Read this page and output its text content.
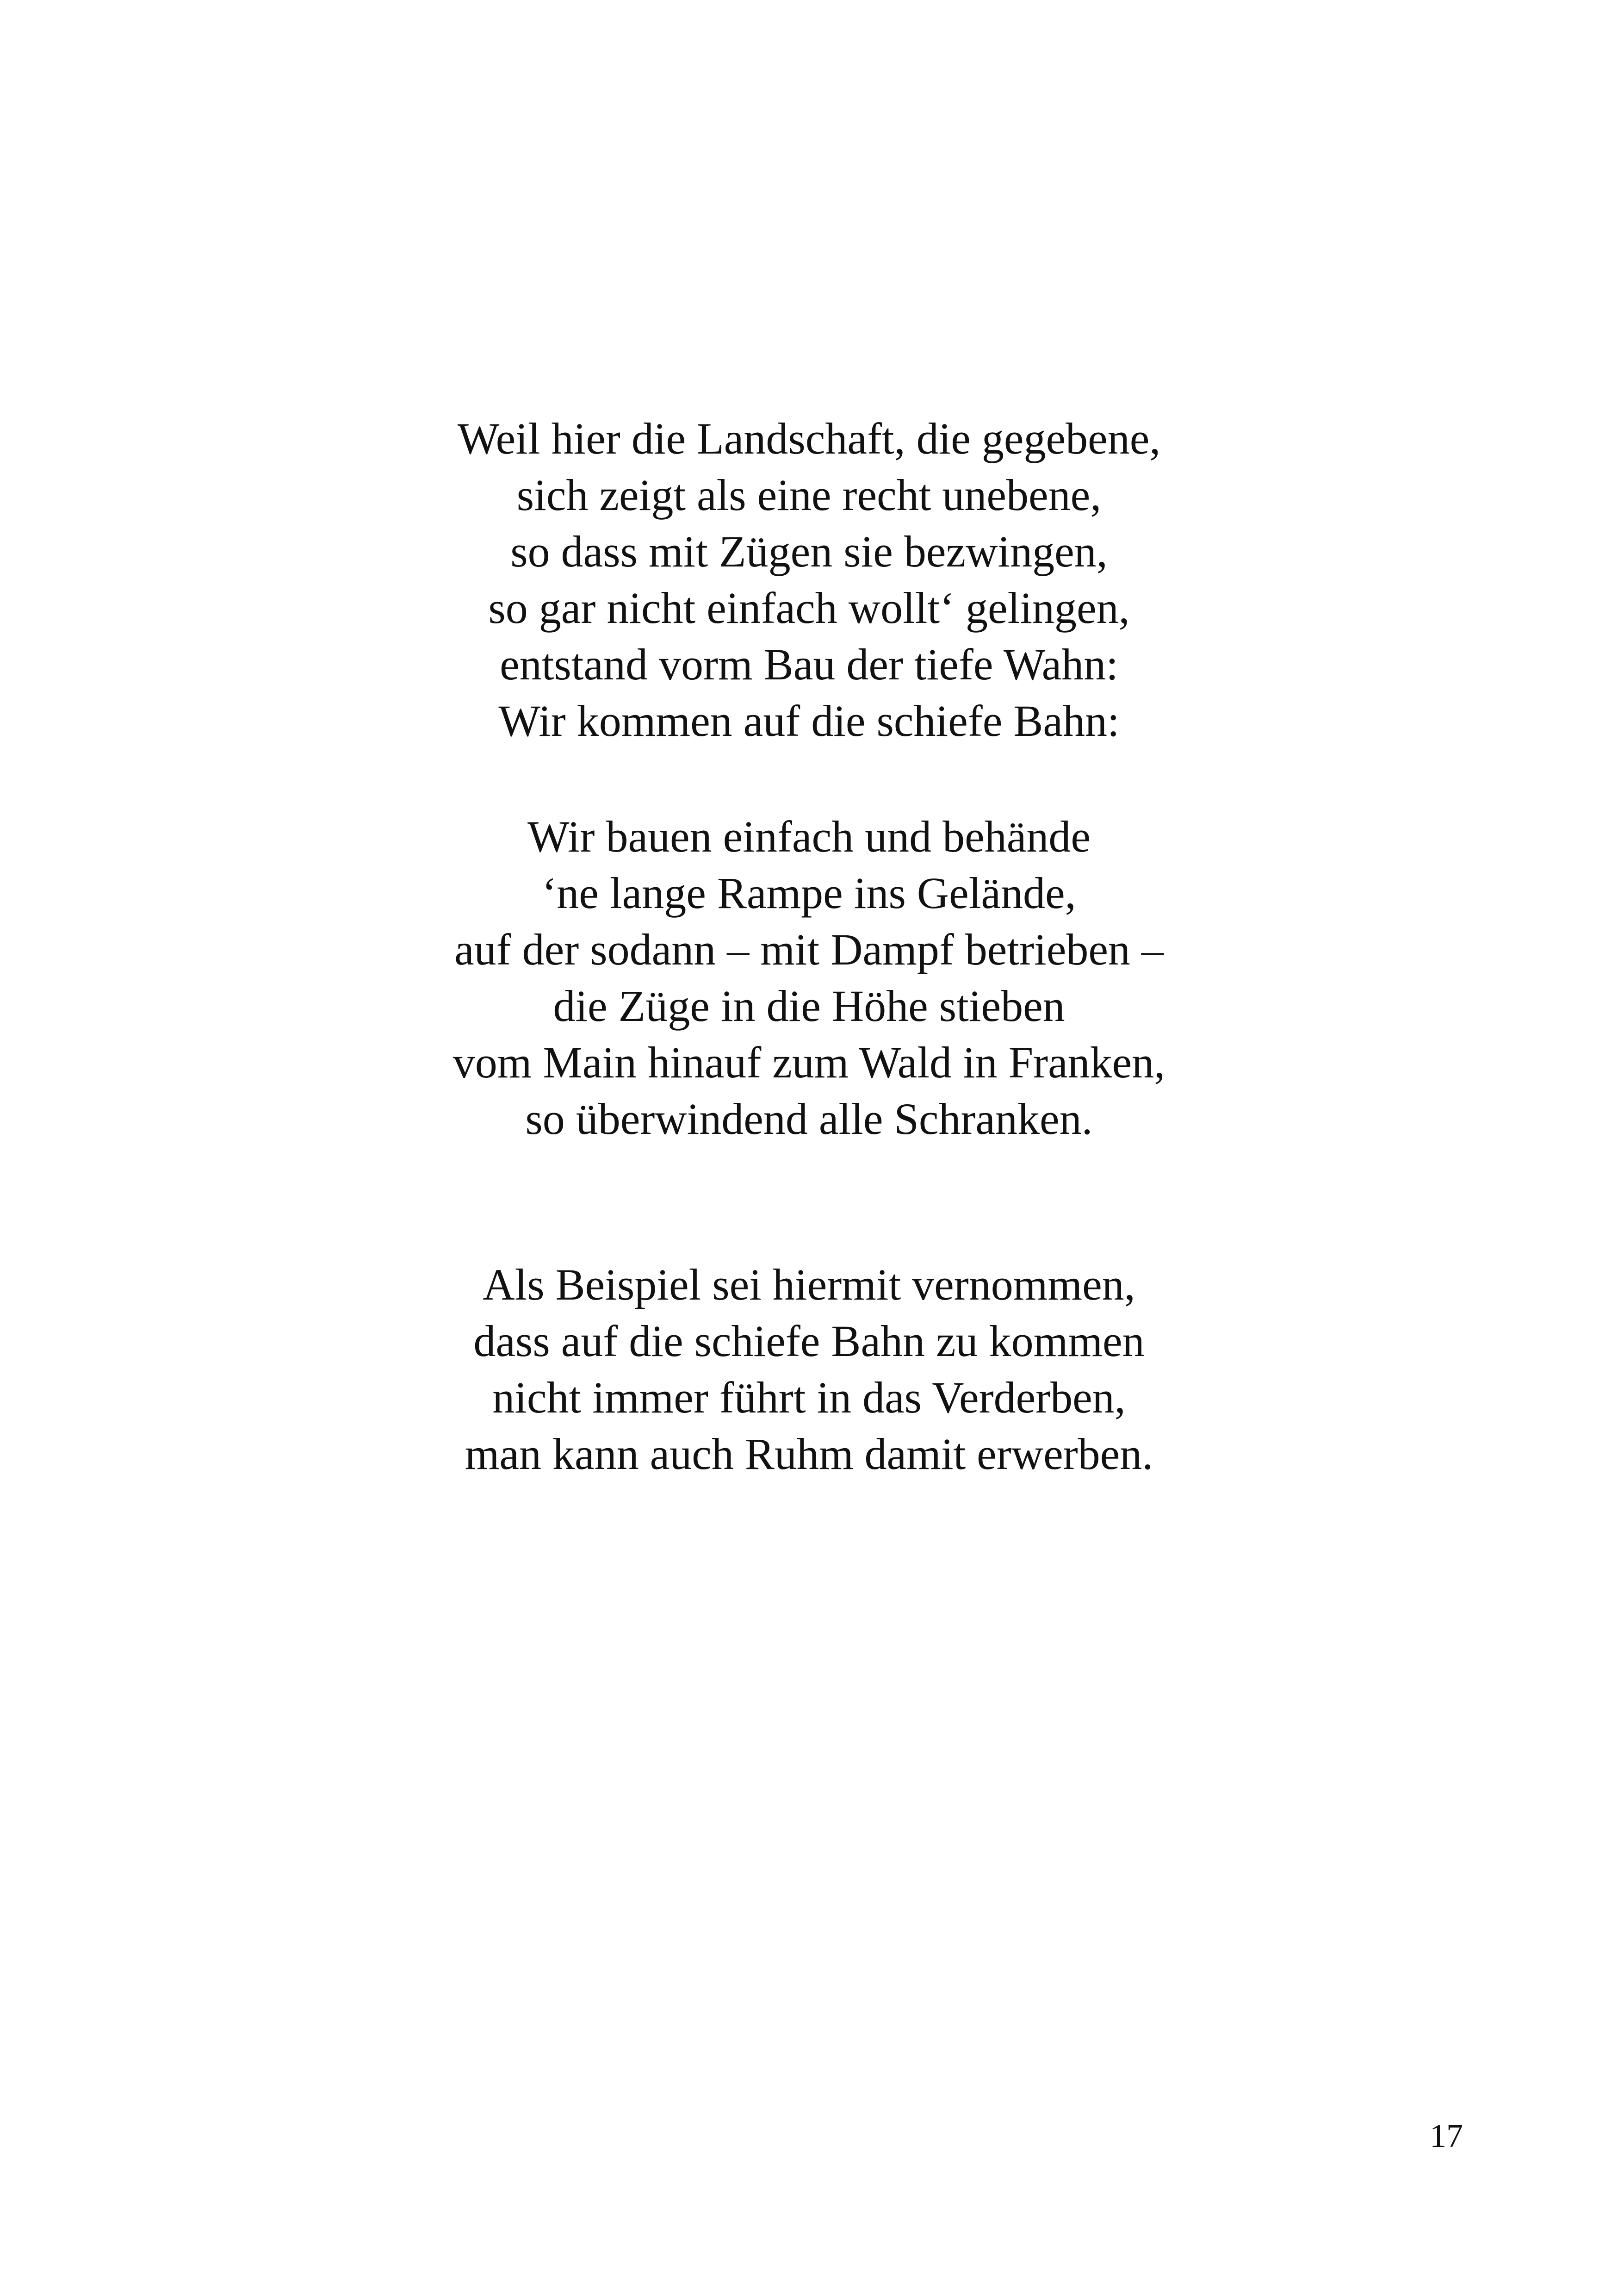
Weil hier die Landschaft, die gegebene,
sich zeigt als eine recht unebene,
so dass mit Zügen sie bezwingen,
so gar nicht einfach wollt‘ gelingen,
entstand vorm Bau der tiefe Wahn:
Wir kommen auf die schiefe Bahn:
Wir bauen einfach und behände
‘ne lange Rampe ins Gelände,
auf der sodann – mit Dampf betrieben –
die Züge in die Höhe stieben
vom Main hinauf zum Wald in Franken,
so überwindend alle Schranken.
Als Beispiel sei hiermit vernommen,
dass auf die schiefe Bahn zu kommen
nicht immer führt in das Verderben,
man kann auch Ruhm damit erwerben.
17
